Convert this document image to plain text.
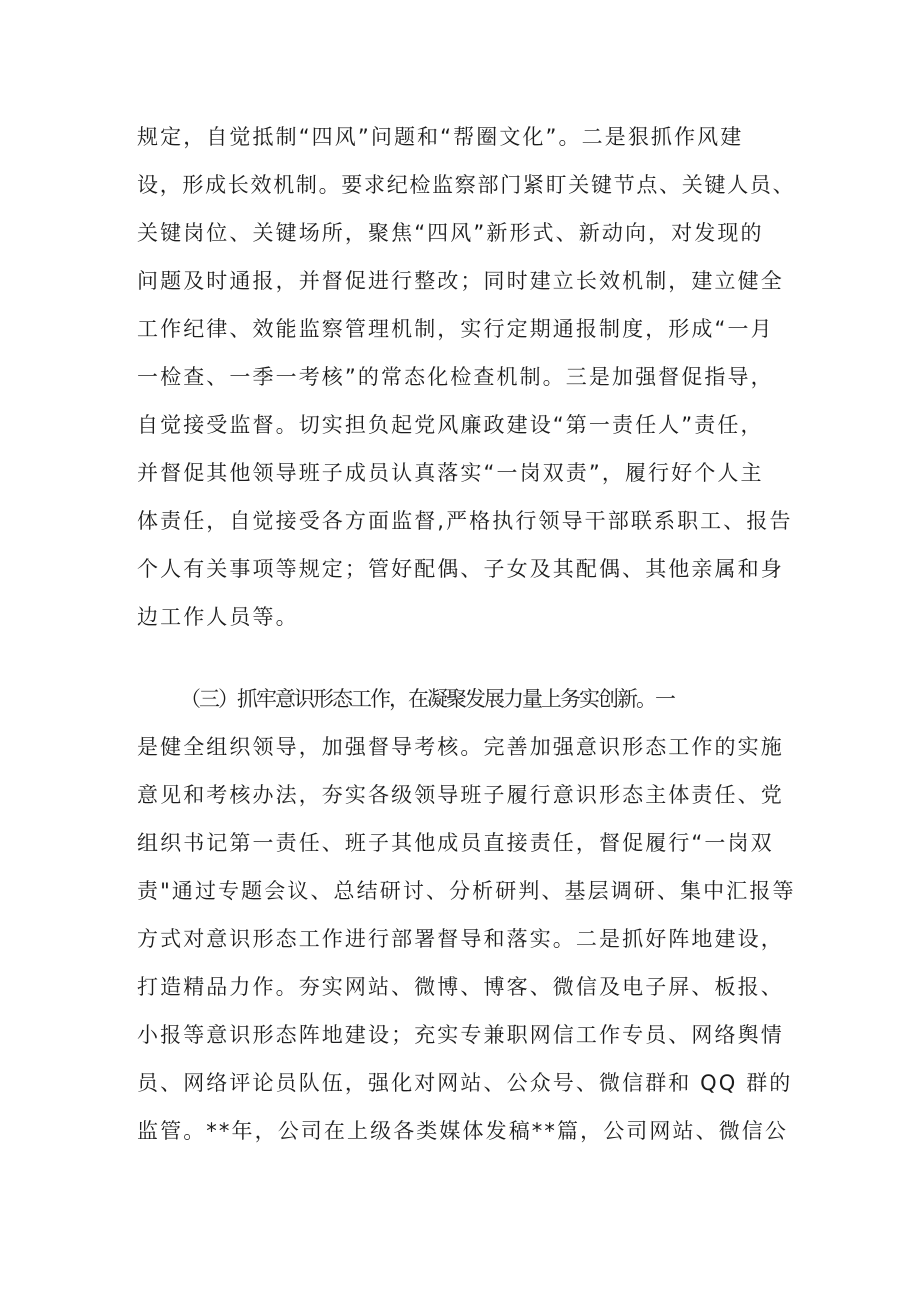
规定，自觉抵制“四风”问题和“帮圈文化”。二是狠抓作风建

设，形成长效机制。要求纪检监察部门紧盯关键节点、关键人员、

关键岗位、关键场所，聚焦“四风”新形式、新动向，对发现的

问题及时通报，并督促进行整改；同时建立长效机制，建立健全

工作纪律、效能监察管理机制，实行定期通报制度，形成“一月

一检查、一季一考核”的常态化检查机制。三是加强督促指导，

自觉接受监督。切实担负起党风廉政建设“第一责任人”责任，

并督促其他领导班子成员认真落实“一岗双责”，履行好个人主

体责任，自觉接受各方面监督,严格执行领导干部联系职工、报告

个人有关事项等规定；管好配偶、子女及其配偶、其他亲属和身

边工作人员等。

（三）抓牢意识形态工作，在凝聚发展力量上务实创新。一

是健全组织领导，加强督导考核。完善加强意识形态工作的实施

意见和考核办法，夯实各级领导班子履行意识形态主体责任、党

组织书记第一责任、班子其他成员直接责任，督促履行“一岗双

责"通过专题会议、总结研讨、分析研判、基层调研、集中汇报等

方式对意识形态工作进行部署督导和落实。二是抓好阵地建设，

打造精品力作。夯实网站、微博、博客、微信及电子屏、板报、

小报等意识形态阵地建设；充实专兼职网信工作专员、网络舆情

员、网络评论员队伍，强化对网站、公众号、微信群和 QQ 群的

监管。**年，公司在上级各类媒体发稿**篇，公司网站、微信公
